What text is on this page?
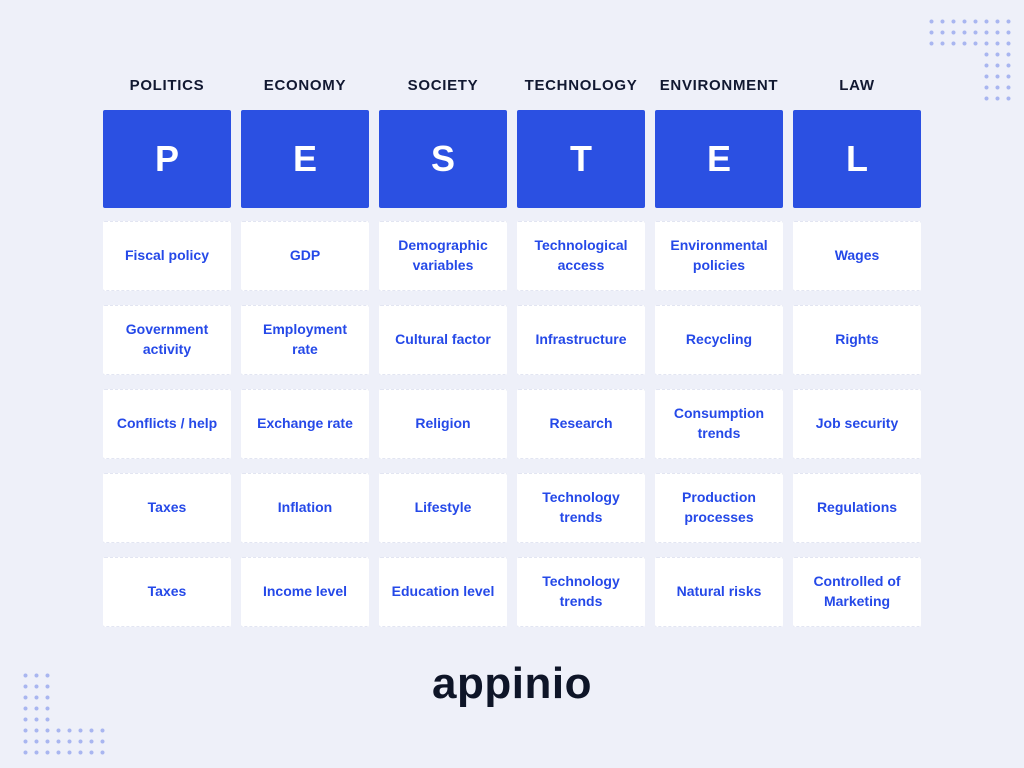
POLITICS
P
Fiscal policy
Government activity
Conflicts / help
Taxes
Taxes
ECONOMY
E
GDP
Employment rate
Exchange rate
Inflation
Income level
SOCIETY
S
Demographic variables
Cultural factor
Religion
Lifestyle
Education level
TECHNOLOGY
T
Technological access
Infrastructure
Research
Technology trends
Technology trends
ENVIRONMENT
E
Environmental policies
Recycling
Consumption trends
Production processes
Natural risks
LAW
L
Wages
Rights
Job security
Regulations
Controlled of Marketing
appinio
